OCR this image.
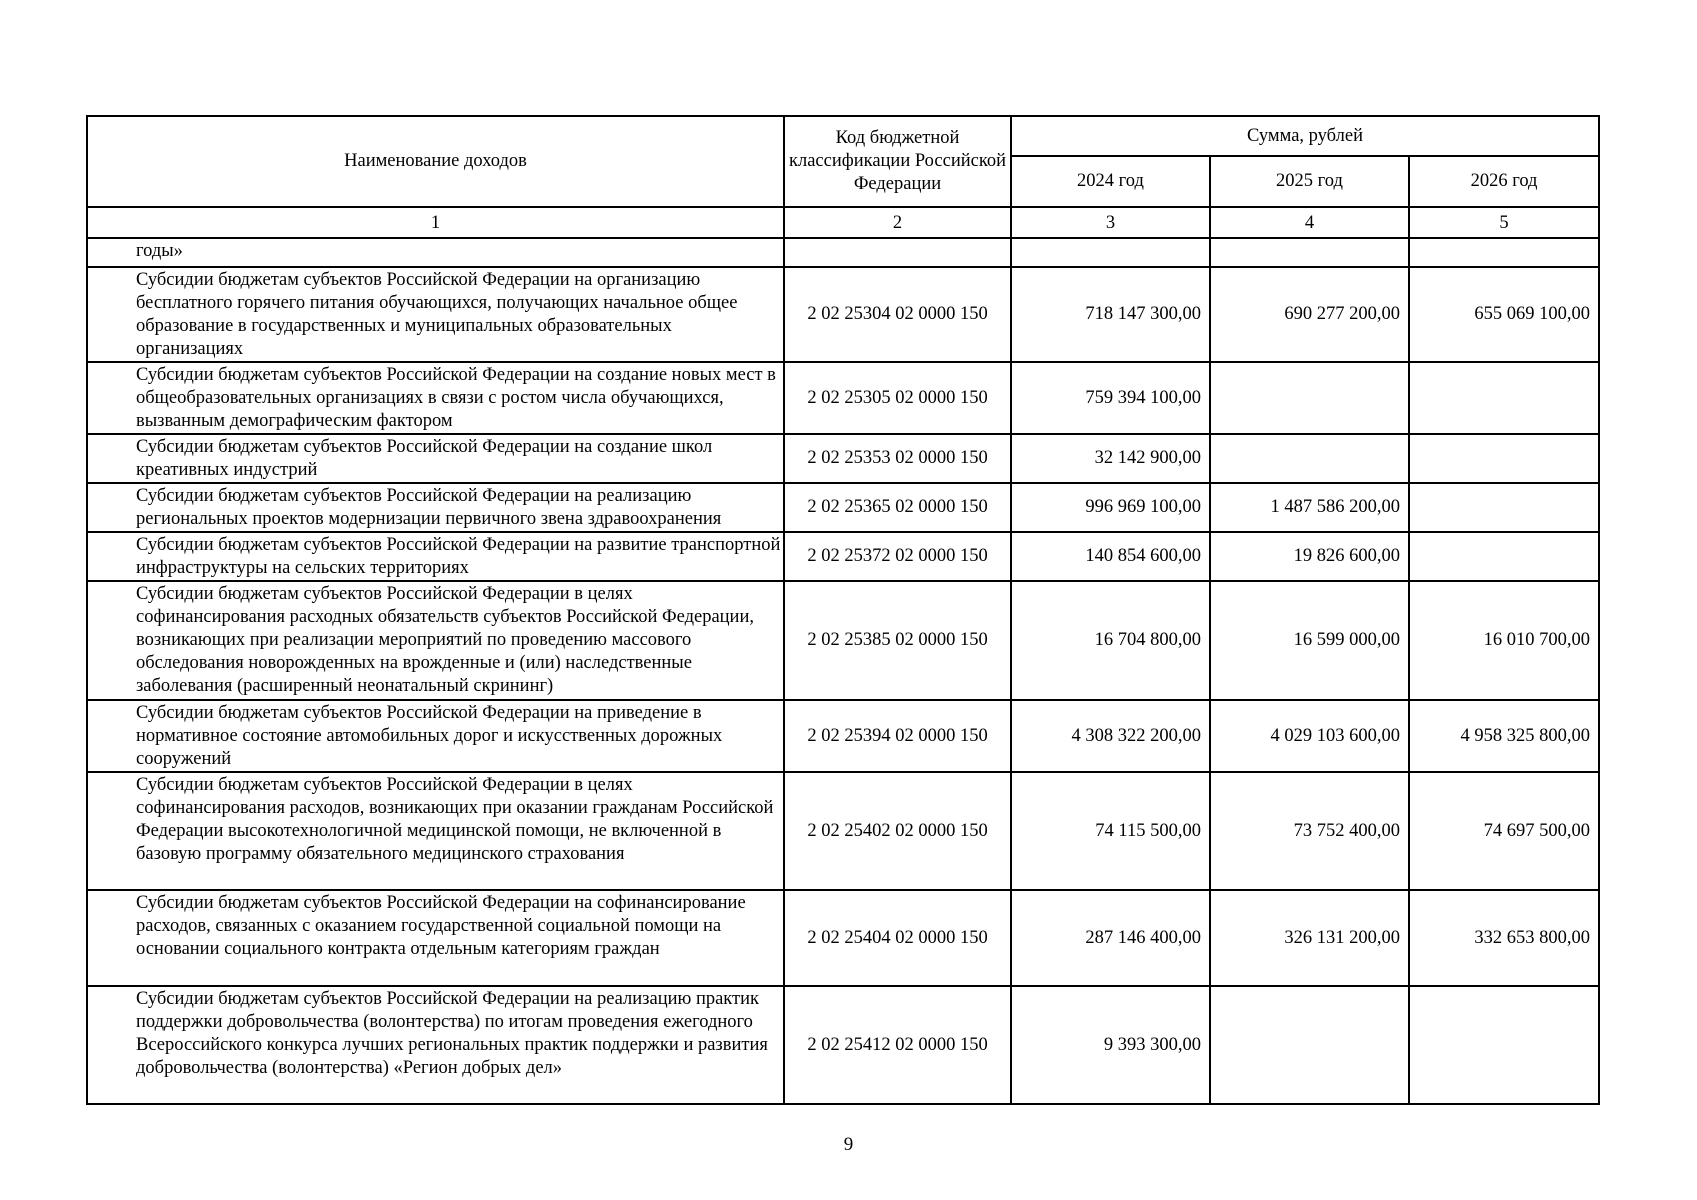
Наименование доходов	Код бюджетной классификации Российской Федерации	Сумма, рублей		
		2024 год	2025 год	2026 год
1	2	3	4	5
годы»				
Субсидии бюджетам субъектов Российской Федерации на организацию бесплатного горячего питания обучающихся, получающих начальное общее образование в государственных и муниципальных образовательных организациях	2 02 25304 02 0000 150	718 147 300,00	690 277 200,00	655 069 100,00
Субсидии бюджетам субъектов Российской Федерации на создание новых мест в общеобразовательных организациях в связи с ростом числа обучающихся, вызванным демографическим фактором	2 02 25305 02 0000 150	759 394 100,00		
Субсидии бюджетам субъектов Российской Федерации на создание школ креативных индустрий	2 02 25353 02 0000 150	32 142 900,00		
Субсидии бюджетам субъектов Российской Федерации на реализацию региональных проектов модернизации первичного звена здравоохранения	2 02 25365 02 0000 150	996 969 100,00	1 487 586 200,00	
Субсидии бюджетам субъектов Российской Федерации на развитие транспортной инфраструктуры на сельских территориях	2 02 25372 02 0000 150	140 854 600,00	19 826 600,00	
Субсидии бюджетам субъектов Российской Федерации в целях софинансирования расходных обязательств субъектов Российской Федерации, возникающих при реализации мероприятий по проведению массового обследования новорожденных на врожденные и (или) наследственные заболевания (расширенный неонатальный скрининг)	2 02 25385 02 0000 150	16 704 800,00	16 599 000,00	16 010 700,00
Субсидии бюджетам субъектов Российской Федерации на приведение в нормативное состояние автомобильных дорог и искусственных дорожных сооружений	2 02 25394 02 0000 150	4 308 322 200,00	4 029 103 600,00	4 958 325 800,00
Субсидии бюджетам субъектов Российской Федерации в целях софинансирования расходов, возникающих при оказании гражданам Российской Федерации высокотехнологичной медицинской помощи, не включенной в базовую программу обязательного медицинского страхования	2 02 25402 02 0000 150	74 115 500,00	73 752 400,00	74 697 500,00
Субсидии бюджетам субъектов Российской Федерации на софинансирование расходов, связанных с оказанием государственной социальной помощи на основании социального контракта отдельным категориям граждан	2 02 25404 02 0000 150	287 146 400,00	326 131 200,00	332 653 800,00
Субсидии бюджетам субъектов Российской Федерации на реализацию практик поддержки добровольчества (волонтерства) по итогам проведения ежегодного Всероссийского конкурса лучших региональных практик поддержки и развития добровольчества (волонтерства) «Регион добрых дел»	2 02 25412 02 0000 150	9 393 300,00		
9
